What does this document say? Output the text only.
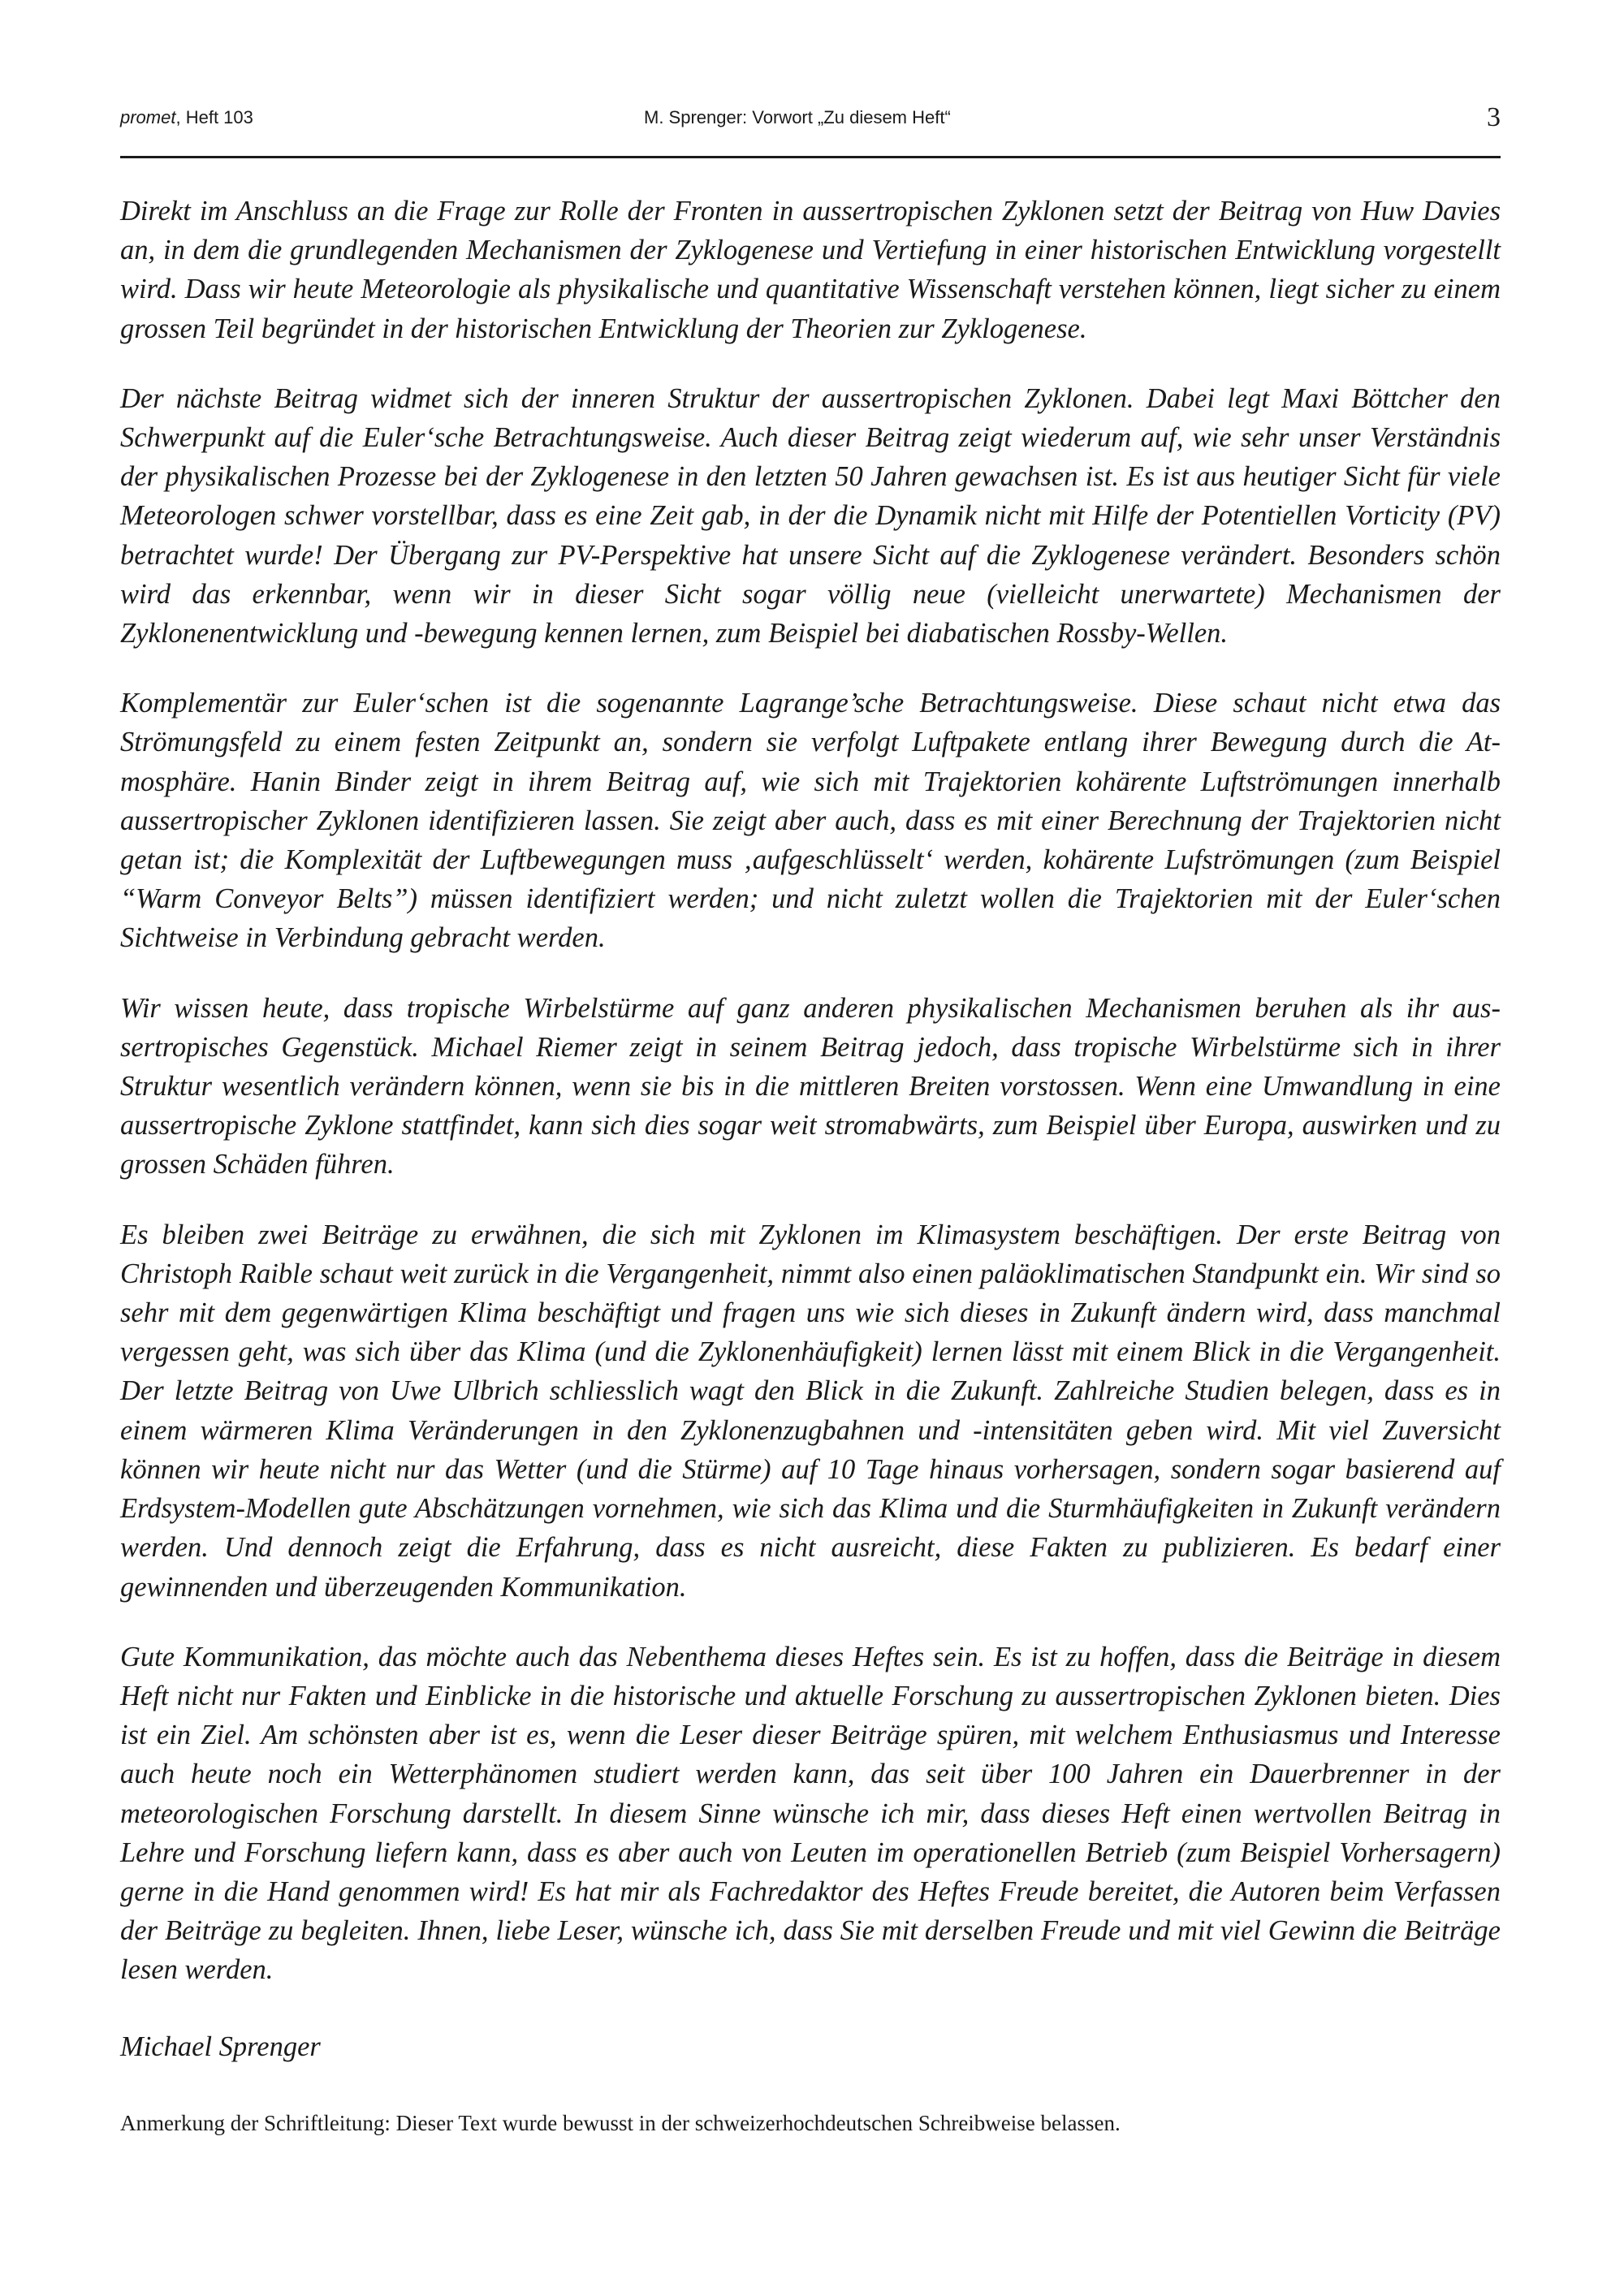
promet, Heft 103	M. Sprenger: Vorwort „Zu diesem Heft“	3

Direkt im Anschluss an die Frage zur Rolle der Fronten in aussertropischen Zyklonen setzt der Beitrag von Huw Davies an, in dem die grundlegenden Mechanismen der Zyklogenese und Vertiefung in einer historischen Entwicklung vorgestellt wird. Dass wir heute Meteorologie als physikalische und quantitative Wissenschaft verstehen können, liegt sicher zu einem grossen Teil begründet in der historischen Entwicklung der Theorien zur Zyklogenese.

Der nächste Beitrag widmet sich der inneren Struktur der aussertropischen Zyklonen. Dabei legt Maxi Böttcher den Schwerpunkt auf die Euler‘sche Betrachtungsweise. Auch dieser Beitrag zeigt wiederum auf, wie sehr unser Verständnis der physikalischen Prozesse bei der Zyklogenese in den letzten 50 Jahren gewachsen ist. Es ist aus heutiger Sicht für viele Meteorologen schwer vorstellbar, dass es eine Zeit gab, in der die Dynamik nicht mit Hilfe der Potentiellen Vorticity (PV) betrachtet wurde! Der Übergang zur PV-Perspektive hat unsere Sicht auf die Zyklogenese verändert. Besonders schön wird das erkennbar, wenn wir in dieser Sicht sogar völlig neue (vielleicht unerwartete) Mechanismen der Zyklonenentwicklung und -bewegung kennen lernen, zum Beispiel bei diabatischen Rossby-Wellen.

Komplementär zur Euler‘schen ist die sogenannte Lagrange’sche Betrachtungsweise. Diese schaut nicht etwa das Strömungsfeld zu einem festen Zeitpunkt an, sondern sie verfolgt Luftpakete entlang ihrer Bewegung durch die Atmosphäre. Hanin Binder zeigt in ihrem Beitrag auf, wie sich mit Trajektorien kohärente Luftströmungen innerhalb aussertropischer Zyklonen identifizieren lassen. Sie zeigt aber auch, dass es mit einer Berechnung der Trajektorien nicht getan ist; die Komplexität der Luftbewegungen muss ‚aufgeschlüsselt‘ werden, kohärente Lufströmungen (zum Beispiel “Warm Conveyor Belts”) müssen identifiziert werden; und nicht zuletzt wollen die Trajektorien mit der Euler‘schen Sichtweise in Verbindung gebracht werden.

Wir wissen heute, dass tropische Wirbelstürme auf ganz anderen physikalischen Mechanismen beruhen als ihr aussertropisches Gegenstück. Michael Riemer zeigt in seinem Beitrag jedoch, dass tropische Wirbelstürme sich in ihrer Struktur wesentlich verändern können, wenn sie bis in die mittleren Breiten vorstossen. Wenn eine Umwandlung in eine aussertropische Zyklone stattfindet, kann sich dies sogar weit stromabwärts, zum Beispiel über Europa, auswirken und zu grossen Schäden führen.

Es bleiben zwei Beiträge zu erwähnen, die sich mit Zyklonen im Klimasystem beschäftigen. Der erste Beitrag von Christoph Raible schaut weit zurück in die Vergangenheit, nimmt also einen paläoklimatischen Standpunkt ein. Wir sind so sehr mit dem gegenwärtigen Klima beschäftigt und fragen uns wie sich dieses in Zukunft ändern wird, dass manchmal vergessen geht, was sich über das Klima (und die Zyklonenhäufigkeit) lernen lässt mit einem Blick in die Vergangenheit. Der letzte Beitrag von Uwe Ulbrich schliesslich wagt den Blick in die Zukunft. Zahlreiche Studien belegen, dass es in einem wärmeren Klima Veränderungen in den Zyklonenzugbahnen und -intensitäten geben wird. Mit viel Zuversicht können wir heute nicht nur das Wetter (und die Stürme) auf 10 Tage hinaus vorhersagen, sondern sogar basierend auf Erdsystem-Modellen gute Abschätzungen vornehmen, wie sich das Klima und die Sturmhäufigkeiten in Zukunft verändern werden. Und dennoch zeigt die Erfahrung, dass es nicht ausreicht, diese Fakten zu publizieren. Es bedarf einer gewinnenden und überzeugenden Kommunikation.

Gute Kommunikation, das möchte auch das Nebenthema dieses Heftes sein. Es ist zu hoffen, dass die Beiträge in diesem Heft nicht nur Fakten und Einblicke in die historische und aktuelle Forschung zu aussertropischen Zyklonen bieten. Dies ist ein Ziel. Am schönsten aber ist es, wenn die Leser dieser Beiträge spüren, mit welchem Enthusiasmus und Interesse auch heute noch ein Wetterphänomen studiert werden kann, das seit über 100 Jahren ein Dauerbrenner in der meteorologischen Forschung darstellt. In diesem Sinne wünsche ich mir, dass dieses Heft einen wertvollen Beitrag in Lehre und Forschung liefern kann, dass es aber auch von Leuten im operationellen Betrieb (zum Beispiel Vorhersagern) gerne in die Hand genommen wird! Es hat mir als Fachredaktor des Heftes Freude bereitet, die Autoren beim Verfassen der Beiträge zu begleiten. Ihnen, liebe Leser, wünsche ich, dass Sie mit derselben Freude und mit viel Gewinn die Beiträge lesen werden.

Michael Sprenger
Anmerkung der Schriftleitung: Dieser Text wurde bewusst in der schweizerhochdeutschen Schreibweise belassen.
